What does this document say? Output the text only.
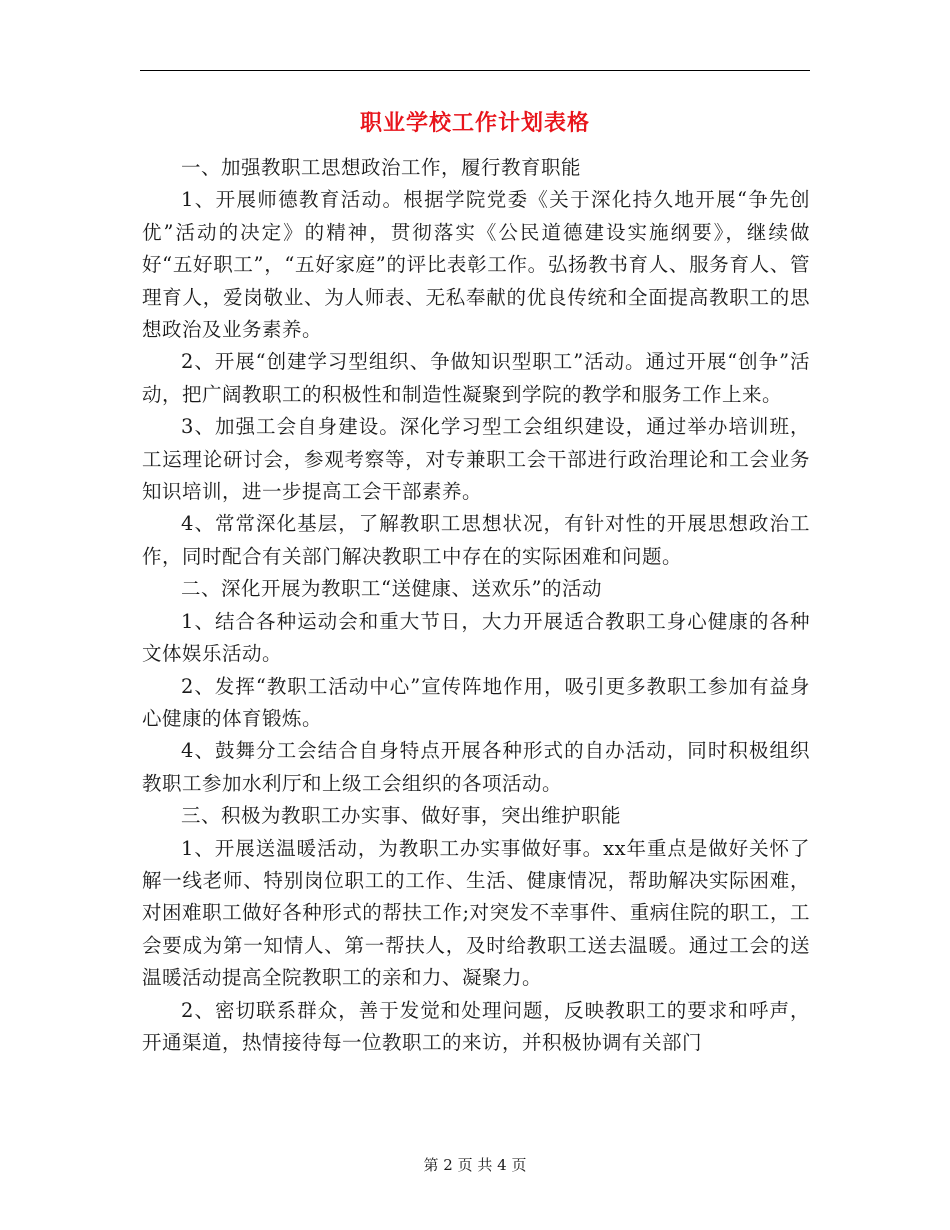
职业学校工作计划表格

一、加强教职工思想政治工作，履行教育职能

1、开展师德教育活动。根据学院党委《关于深化持久地开展“争先创优”活动的决定》的精神，贯彻落实《公民道德建设实施纲要》，继续做好“五好职工”，“五好家庭”的评比表彰工作。弘扬教书育人、服务育人、管理育人，爱岗敬业、为人师表、无私奉献的优良传统和全面提高教职工的思想政治及业务素养。

2、开展“创建学习型组织、争做知识型职工”活动。通过开展“创争”活动，把广阔教职工的积极性和制造性凝聚到学院的教学和服务工作上来。

3、加强工会自身建设。深化学习型工会组织建设，通过举办培训班，工运理论研讨会，参观考察等，对专兼职工会干部进行政治理论和工会业务知识培训，进一步提高工会干部素养。

4、常常深化基层，了解教职工思想状况，有针对性的开展思想政治工作，同时配合有关部门解决教职工中存在的实际困难和问题。

二、深化开展为教职工“送健康、送欢乐”的活动

1、结合各种运动会和重大节日，大力开展适合教职工身心健康的各种文体娱乐活动。

2、发挥“教职工活动中心”宣传阵地作用，吸引更多教职工参加有益身心健康的体育锻炼。

4、鼓舞分工会结合自身特点开展各种形式的自办活动，同时积极组织教职工参加水利厅和上级工会组织的各项活动。

三、积极为教职工办实事、做好事，突出维护职能

1、开展送温暖活动，为教职工办实事做好事。xx年重点是做好关怀了解一线老师、特别岗位职工的工作、生活、健康情况，帮助解决实际困难，对困难职工做好各种形式的帮扶工作;对突发不幸事件、重病住院的职工，工会要成为第一知情人、第一帮扶人，及时给教职工送去温暖。通过工会的送温暖活动提高全院教职工的亲和力、凝聚力。

2、密切联系群众，善于发觉和处理问题，反映教职工的要求和呼声，开通渠道，热情接待每一位教职工的来访，并积极协调有关部门

第 2 页 共 4 页
